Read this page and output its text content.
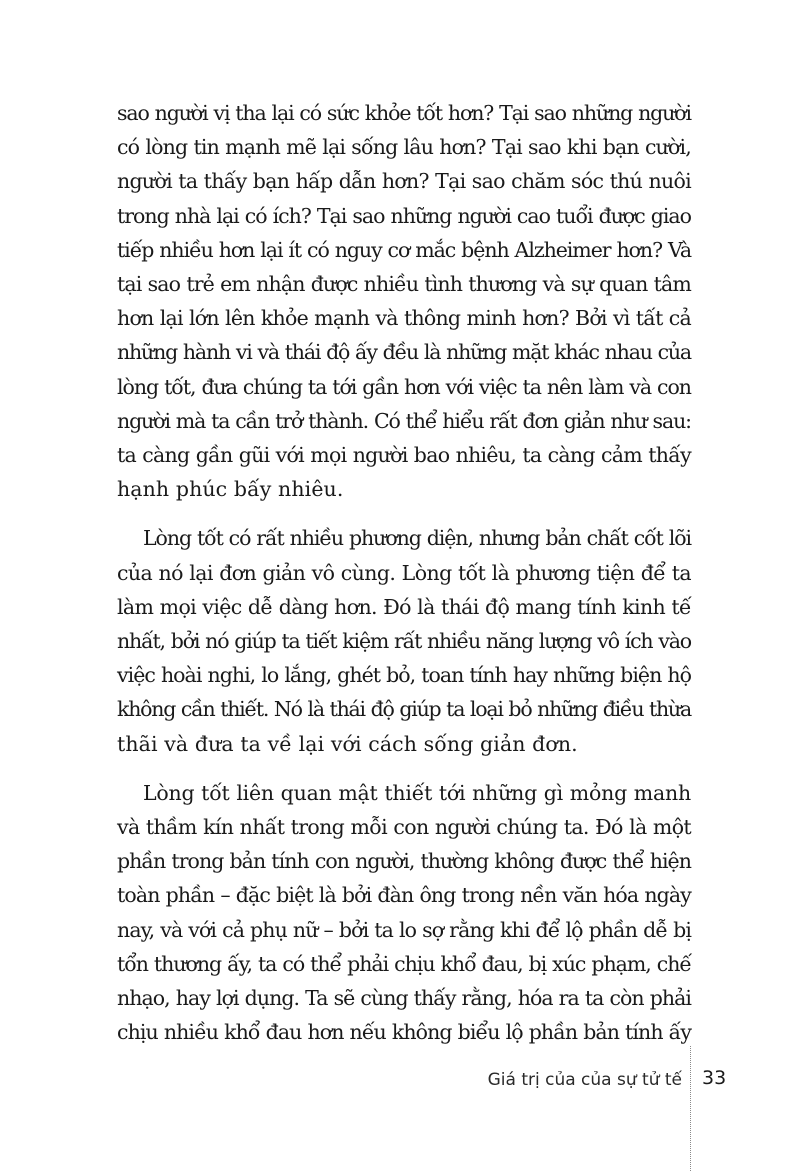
sao người vị tha lại có sức khỏe tốt hơn? Tại sao những người
có lòng tin mạnh mẽ lại sống lâu hơn? Tại sao khi bạn cười,
người ta thấy bạn hấp dẫn hơn? Tại sao chăm sóc thú nuôi
trong nhà lại có ích? Tại sao những người cao tuổi được giao
tiếp nhiều hơn lại ít có nguy cơ mắc bệnh Alzheimer hơn? Và
tại sao trẻ em nhận được nhiều tình thương và sự quan tâm
hơn lại lớn lên khỏe mạnh và thông minh hơn? Bởi vì tất cả
những hành vi và thái độ ấy đều là những mặt khác nhau của
lòng tốt, đưa chúng ta tới gần hơn với việc ta nên làm và con
người mà ta cần trở thành. Có thể hiểu rất đơn giản như sau:
ta càng gần gũi với mọi người bao nhiêu, ta càng cảm thấy
hạnh phúc bấy nhiêu.

Lòng tốt có rất nhiều phương diện, nhưng bản chất cốt lõi
của nó lại đơn giản vô cùng. Lòng tốt là phương tiện để ta
làm mọi việc dễ dàng hơn. Đó là thái độ mang tính kinh tế
nhất, bởi nó giúp ta tiết kiệm rất nhiều năng lượng vô ích vào
việc hoài nghi, lo lắng, ghét bỏ, toan tính hay những biện hộ
không cần thiết. Nó là thái độ giúp ta loại bỏ những điều thừa
thãi và đưa ta về lại với cách sống giản đơn.

Lòng tốt liên quan mật thiết tới những gì mỏng manh
và thầm kín nhất trong mỗi con người chúng ta. Đó là một
phần trong bản tính con người, thường không được thể hiện
toàn phần – đặc biệt là bởi đàn ông trong nền văn hóa ngày
nay, và với cả phụ nữ – bởi ta lo sợ rằng khi để lộ phần dễ bị
tổn thương ấy, ta có thể phải chịu khổ đau, bị xúc phạm, chế
nhạo, hay lợi dụng. Ta sẽ cùng thấy rằng, hóa ra ta còn phải
chịu nhiều khổ đau hơn nếu không biểu lộ phần bản tính ấy

Giá trị của của sự tử tế 33
